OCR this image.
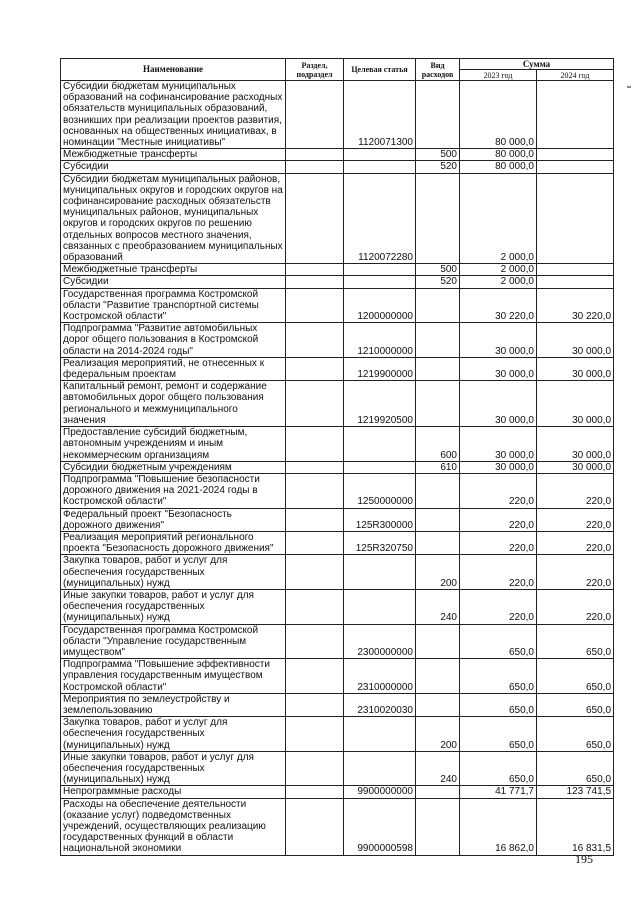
Наименование	Раздел, подраздел	Целевая статья	Вид расходов	Сумма	
				2023 год	2024 год
Субсидии бюджетам муниципальных образований на софинансирование расходных обязательств муниципальных образований, возникших при реализации проектов развития, основанных на общественных инициативах, в номинации "Местные инициативы"		1120071300		80 000,0	
Межбюджетные трансферты			500	80 000,0	
Субсидии			520	80 000,0	
Субсидии бюджетам муниципальных районов, муниципальных округов и городских округов на софинансирование расходных обязательств муниципальных районов, муниципальных округов и городских округов по решению отдельных вопросов местного значения, связанных с преобразованием муниципальных образований		1120072280		2 000,0	
Межбюджетные трансферты			500	2 000,0	
Субсидии			520	2 000,0	
Государственная программа Костромской области "Развитие транспортной системы Костромской области"		1200000000		30 220,0	30 220,0
Подпрограмма "Развитие автомобильных дорог общего пользования в Костромской области на 2014-2024 годы"		1210000000		30 000,0	30 000,0
Реализация мероприятий, не отнесенных к федеральным проектам		1219900000		30 000,0	30 000,0
Капитальный ремонт, ремонт и содержание автомобильных дорог общего пользования регионального и межмуниципального значения		1219920500		30 000,0	30 000,0
Предоставление субсидий бюджетным, автономным учреждениям и иным некоммерческим организациям			600	30 000,0	30 000,0
Субсидии бюджетным учреждениям			610	30 000,0	30 000,0
Подпрограмма "Повышение безопасности дорожного движения на 2021-2024 годы в Костромской области"		1250000000		220,0	220,0
Федеральный проект "Безопасность дорожного движения"		125R300000		220,0	220,0
Реализация мероприятий регионального проекта "Безопасность дорожного движения"		125R320750		220,0	220,0
Закупка товаров, работ и услуг для обеспечения государственных (муниципальных) нужд			200	220,0	220,0
Иные закупки товаров, работ и услуг для обеспечения государственных (муниципальных) нужд			240	220,0	220,0
Государственная программа Костромской области "Управление государственным имуществом"		2300000000		650,0	650,0
Подпрограмма "Повышение эффективности управления государственным имуществом Костромской области"		2310000000		650,0	650,0
Мероприятия по землеустройству и землепользованию		2310020030		650,0	650,0
Закупка товаров, работ и услуг для обеспечения государственных (муниципальных) нужд			200	650,0	650,0
Иные закупки товаров, работ и услуг для обеспечения государственных (муниципальных) нужд			240	650,0	650,0
Непрограммные расходы		9900000000		41 771,7	123 741,5
Расходы на обеспечение деятельности (оказание услуг) подведомственных учреждений, осуществляющих реализацию государственных функций в области национальной экономики		9900000598		16 862,0	16 831,5
195
